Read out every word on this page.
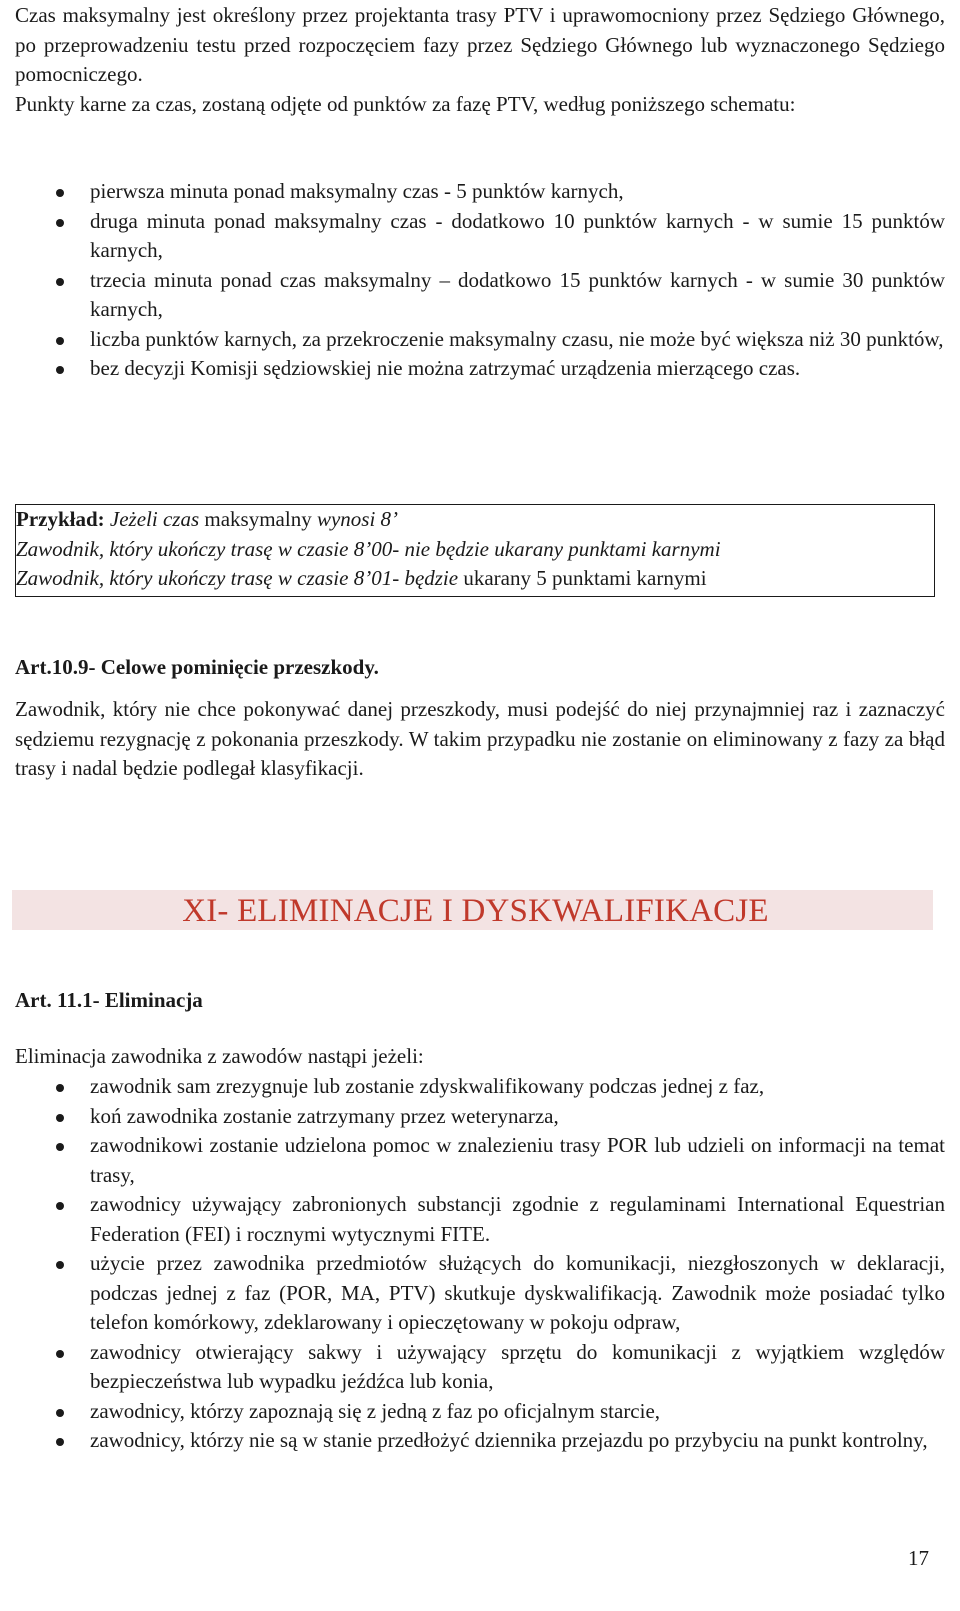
Czas maksymalny jest określony przez projektanta trasy PTV i uprawomocniony przez Sędziego Głównego, po przeprowadzeniu testu przed rozpoczęciem fazy przez Sędziego Głównego lub wyznaczonego Sędziego pomocniczego.

Punkty karne za czas, zostaną odjęte od punktów za fazę PTV, według poniższego schematu:

pierwsza minuta ponad maksymalny czas - 5 punktów karnych,
druga minuta ponad maksymalny czas - dodatkowo 10 punktów karnych - w sumie 15 punktów karnych,
trzecia minuta ponad czas maksymalny – dodatkowo 15 punktów karnych - w sumie 30 punktów karnych,
liczba punktów karnych, za przekroczenie maksymalny czasu, nie może być większa niż 30 punktów,
bez decyzji Komisji sędziowskiej nie można zatrzymać urządzenia mierzącego czas.
Przykład: Jeżeli czas maksymalny wynosi 8’
Zawodnik, który ukończy trasę w czasie 8’00- nie będzie ukarany punktami karnymi
Zawodnik, który ukończy trasę w czasie 8’01- będzie ukarany 5 punktami karnymi
Art.10.9- Celowe pominięcie przeszkody.

Zawodnik, który nie chce pokonywać danej przeszkody, musi podejść do niej przynajmniej raz i zaznaczyć sędziemu rezygnację z pokonania przeszkody. W takim przypadku nie zostanie on eliminowany z fazy za błąd trasy i nadal będzie podlegał klasyfikacji.

XI- ELIMINACJE I DYSKWALIFIKACJE
Art. 11.1- Eliminacja

Eliminacja zawodnika z zawodów nastąpi jeżeli:

zawodnik sam zrezygnuje lub zostanie zdyskwalifikowany podczas jednej z faz,
koń zawodnika zostanie zatrzymany przez weterynarza,
zawodnikowi zostanie udzielona pomoc w znalezieniu trasy POR lub udzieli on informacji na temat trasy,
zawodnicy używający zabronionych substancji zgodnie z regulaminami International Equestrian Federation (FEI) i rocznymi wytycznymi FITE.
użycie przez zawodnika przedmiotów służących do komunikacji, niezgłoszonych w deklaracji, podczas jednej z faz (POR, MA, PTV) skutkuje dyskwalifikacją. Zawodnik może posiadać tylko telefon komórkowy, zdeklarowany i opieczętowany w pokoju odpraw,
zawodnicy otwierający sakwy i używający sprzętu do komunikacji z wyjątkiem względów bezpieczeństwa lub wypadku jeźdźca lub konia,
zawodnicy, którzy zapoznają się z jedną z faz po oficjalnym starcie,
zawodnicy, którzy nie są w stanie przedłożyć dziennika przejazdu po przybyciu na punkt kontrolny,
17
